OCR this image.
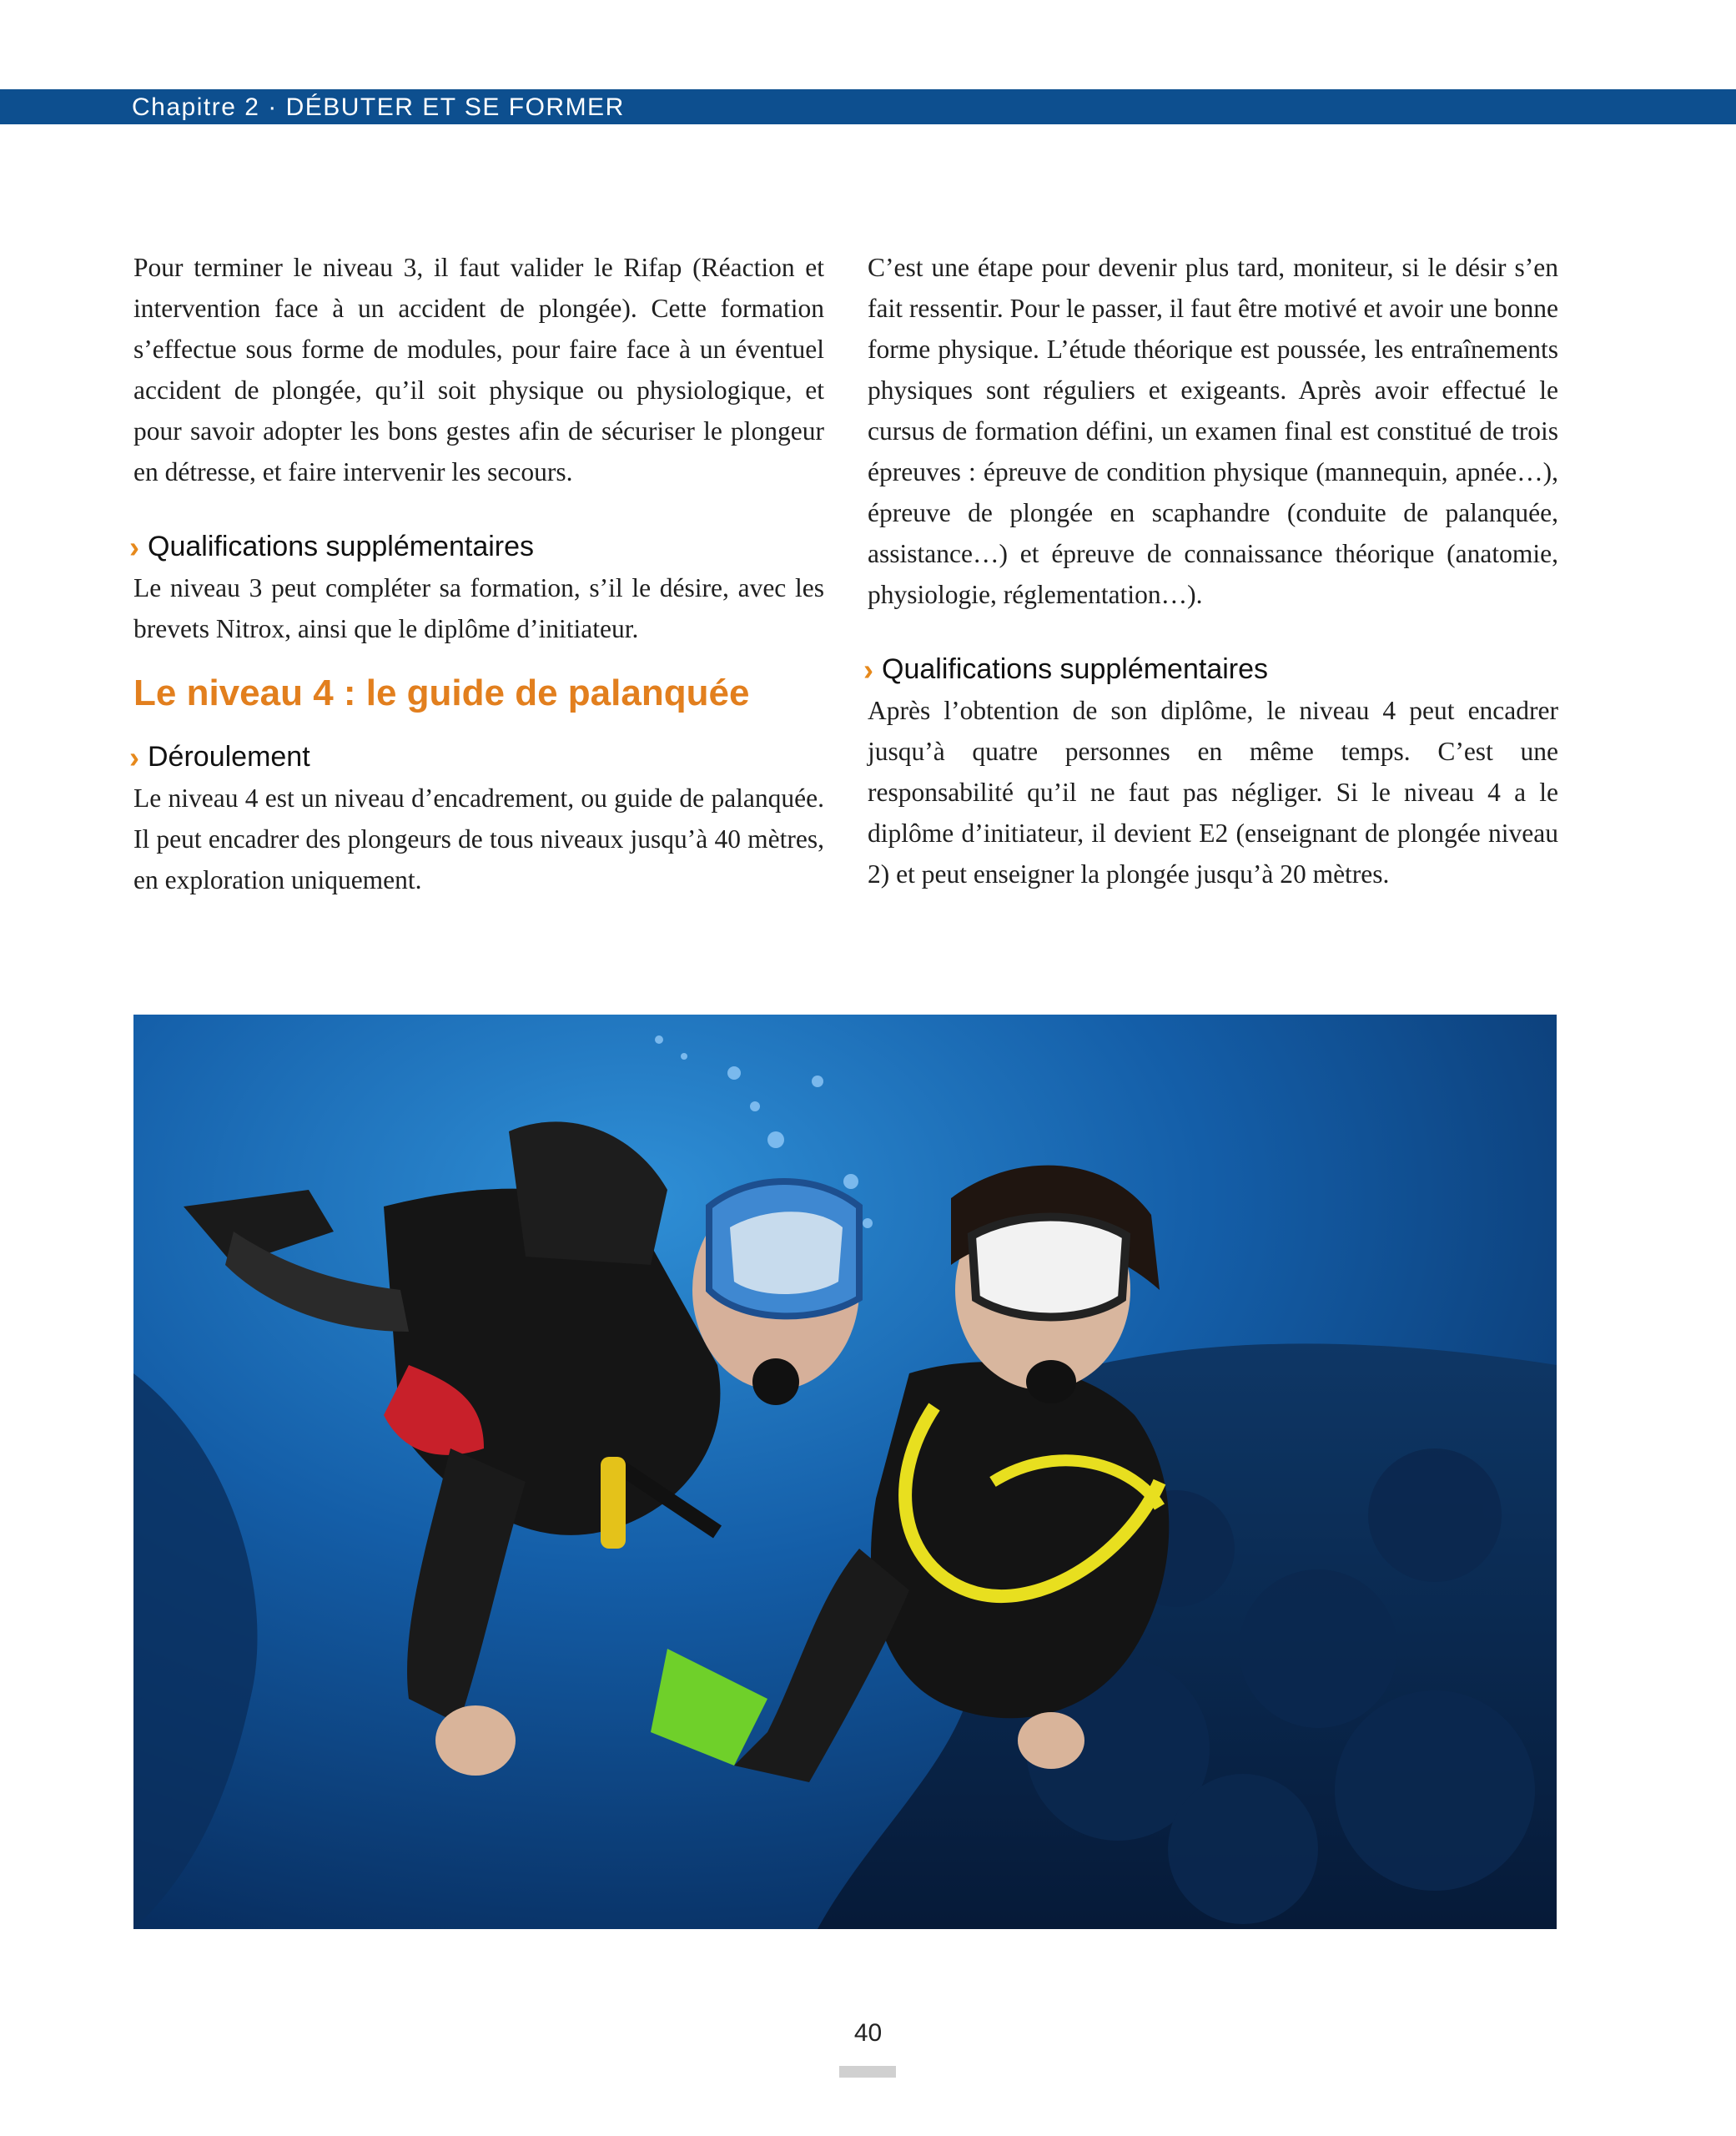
Chapitre 2 · DÉBUTER ET SE FORMER

Pour terminer le niveau 3, il faut valider le Rifap (Réaction et intervention face à un accident de plongée). Cette formation s’effectue sous forme de modules, pour faire face à un éventuel accident de plongée, qu’il soit physique ou physiologique, et pour savoir adopter les bons gestes afin de sécuriser le plongeur en détresse, et faire intervenir les secours.

› Qualifications supplémentaires

Le niveau 3 peut compléter sa formation, s’il le désire, avec les brevets Nitrox, ainsi que le diplôme d’initiateur.

Le niveau 4 : le guide de palanquée
› Déroulement

Le niveau 4 est un niveau d’encadrement, ou guide de palanquée. Il peut encadrer des plongeurs de tous niveaux jusqu’à 40 mètres, en exploration uniquement.

C’est une étape pour devenir plus tard, moniteur, si le désir s’en fait ressentir. Pour le passer, il faut être motivé et avoir une bonne forme physique. L’étude théorique est poussée, les entraînements physiques sont réguliers et exigeants. Après avoir effectué le cursus de formation défini, un examen final est constitué de trois épreuves : épreuve de condition physique (mannequin, apnée…), épreuve de plongée en scaphandre (conduite de palanquée, assistance…) et épreuve de connaissance théorique (anatomie, physiologie, réglementation…).

› Qualifications supplémentaires

Après l’obtention de son diplôme, le niveau 4 peut encadrer jusqu’à quatre personnes en même temps. C’est une responsabilité qu’il ne faut pas négliger. Si le niveau 4 a le diplôme d’initiateur, il devient E2 (enseignant de plongée niveau 2) et peut enseigner la plongée jusqu’à 20 mètres.

40
